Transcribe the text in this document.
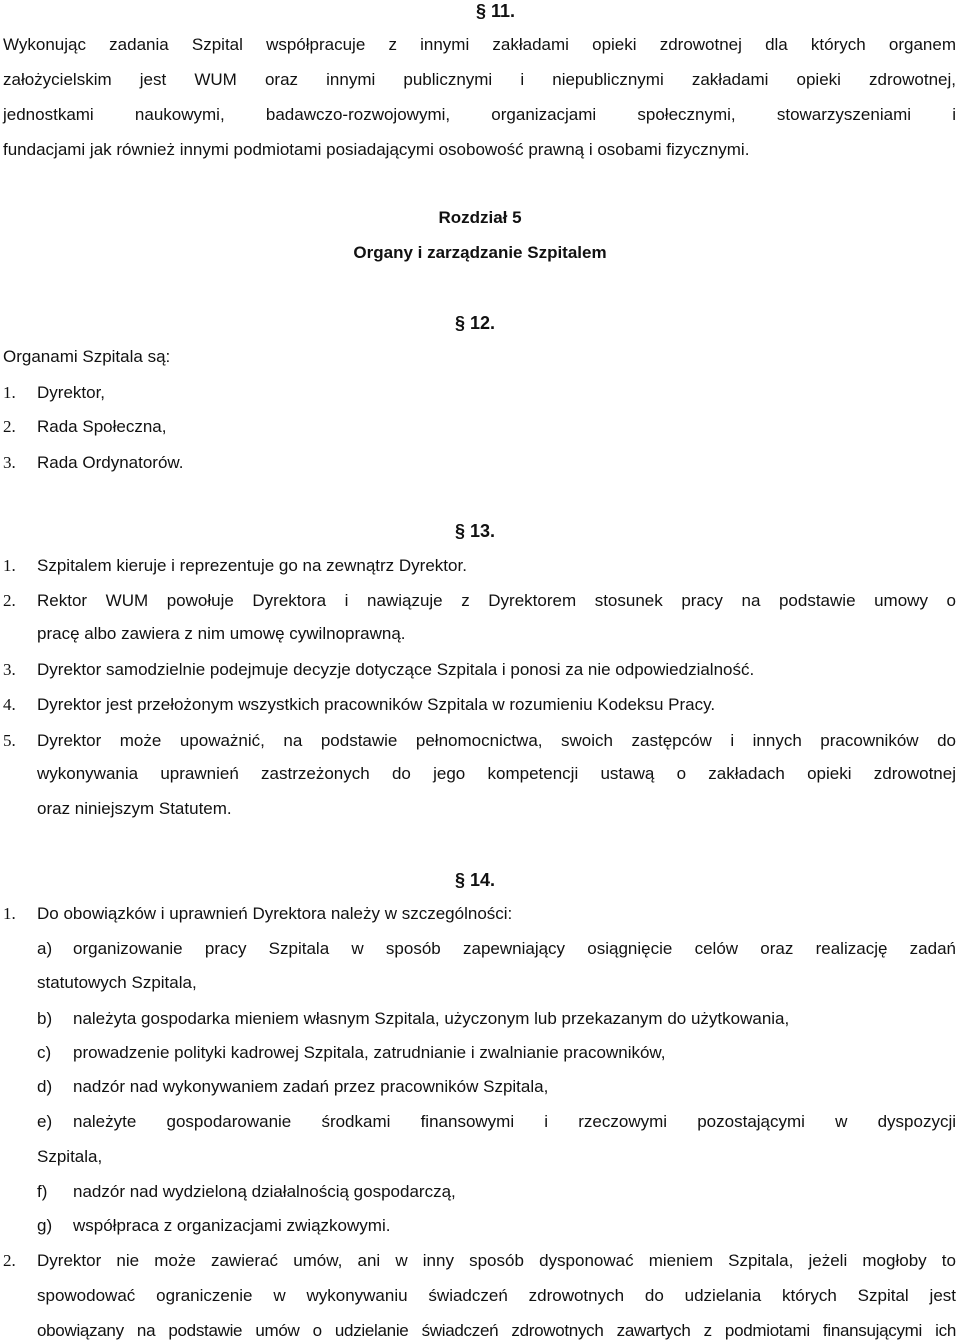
§ 11.
Wykonując zadania Szpital współpracuje z innymi zakładami opieki zdrowotnej dla których organem
założycielskim jest WUM oraz innymi publicznymi i niepublicznymi zakładami opieki zdrowotnej,
jednostkami naukowymi, badawczo-rozwojowymi, organizacjami społecznymi, stowarzyszeniami i
fundacjami jak również innymi podmiotami posiadającymi osobowość prawną i osobami fizycznymi.
Rozdział 5
Organy i zarządzanie Szpitalem
§ 12.
Organami Szpitala są:
1. Dyrektor,
2. Rada Społeczna,
3. Rada Ordynatorów.
§ 13.
1. Szpitalem kieruje i reprezentuje go na zewnątrz Dyrektor.
2. Rektor WUM powołuje Dyrektora i nawiązuje z Dyrektorem stosunek pracy na podstawie umowy o
pracę albo zawiera z nim umowę cywilnoprawną.
3. Dyrektor samodzielnie podejmuje decyzje dotyczące Szpitala i ponosi za nie odpowiedzialność.
4. Dyrektor jest przełożonym wszystkich pracowników Szpitala w rozumieniu Kodeksu Pracy.
5. Dyrektor może upoważnić, na podstawie pełnomocnictwa, swoich zastępców i innych pracowników do
wykonywania uprawnień zastrzeżonych do jego kompetencji ustawą o zakładach opieki zdrowotnej
oraz niniejszym Statutem.
§ 14.
1. Do obowiązków i uprawnień Dyrektora należy w szczególności:
a) organizowanie pracy Szpitala w sposób zapewniający osiągnięcie celów oraz realizację zadań
statutowych Szpitala,
b) należyta gospodarka mieniem własnym Szpitala, użyczonym lub przekazanym do użytkowania,
c) prowadzenie polityki kadrowej Szpitala, zatrudnianie i zwalnianie pracowników,
d) nadzór nad wykonywaniem zadań przez pracowników Szpitala,
e) należyte gospodarowanie środkami finansowymi i rzeczowymi pozostającymi w dyspozycji
Szpitala,
f) nadzór nad wydzieloną działalnością gospodarczą,
g) współpraca z organizacjami związkowymi.
2. Dyrektor nie może zawierać umów, ani w inny sposób dysponować mieniem Szpitala, jeżeli mogłoby to
spowodować ograniczenie w wykonywaniu świadczeń zdrowotnych do udzielania których Szpital jest
obowiązany na podstawie umów o udzielanie świadczeń zdrowotnych zawartych z podmiotami finansującymi ich
